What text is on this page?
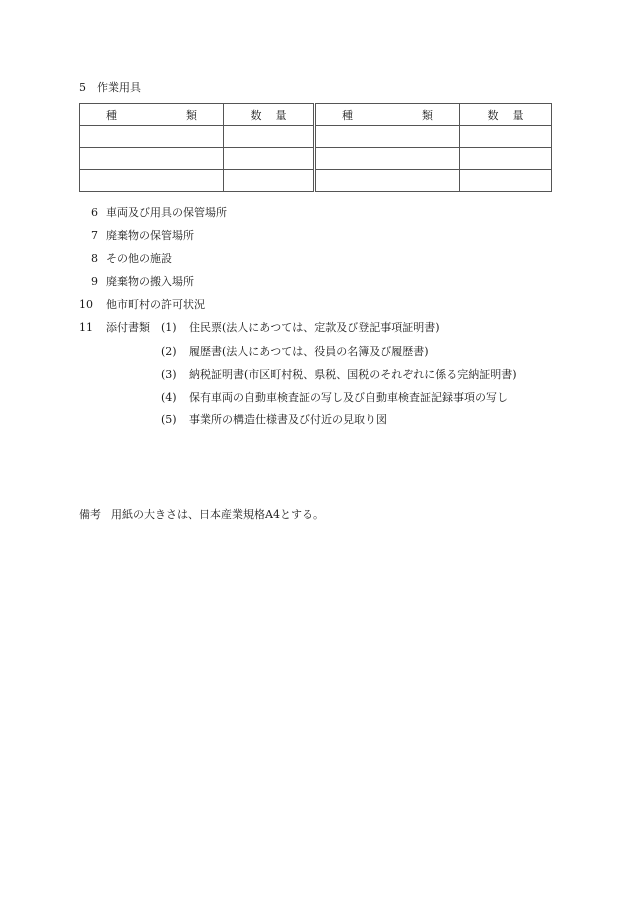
5 作業用具
種 類	数 量	種 類	数 量

6 車両及び用具の保管場所
7 廃棄物の保管場所
8 その他の施設
9 廃棄物の搬入場所
10 他市町村の許可状況
11 添付書類 (1) 住民票(法人にあつては、定款及び登記事項証明書)
(2) 履歴書(法人にあつては、役員の名簿及び履歴書)
(3) 納税証明書(市区町村税、県税、国税のそれぞれに係る完納証明書)
(4) 保有車両の自動車検査証の写し及び自動車検査証記録事項の写し
(5) 事業所の構造仕様書及び付近の見取り図
備考 用紙の大きさは、日本産業規格A4とする。
